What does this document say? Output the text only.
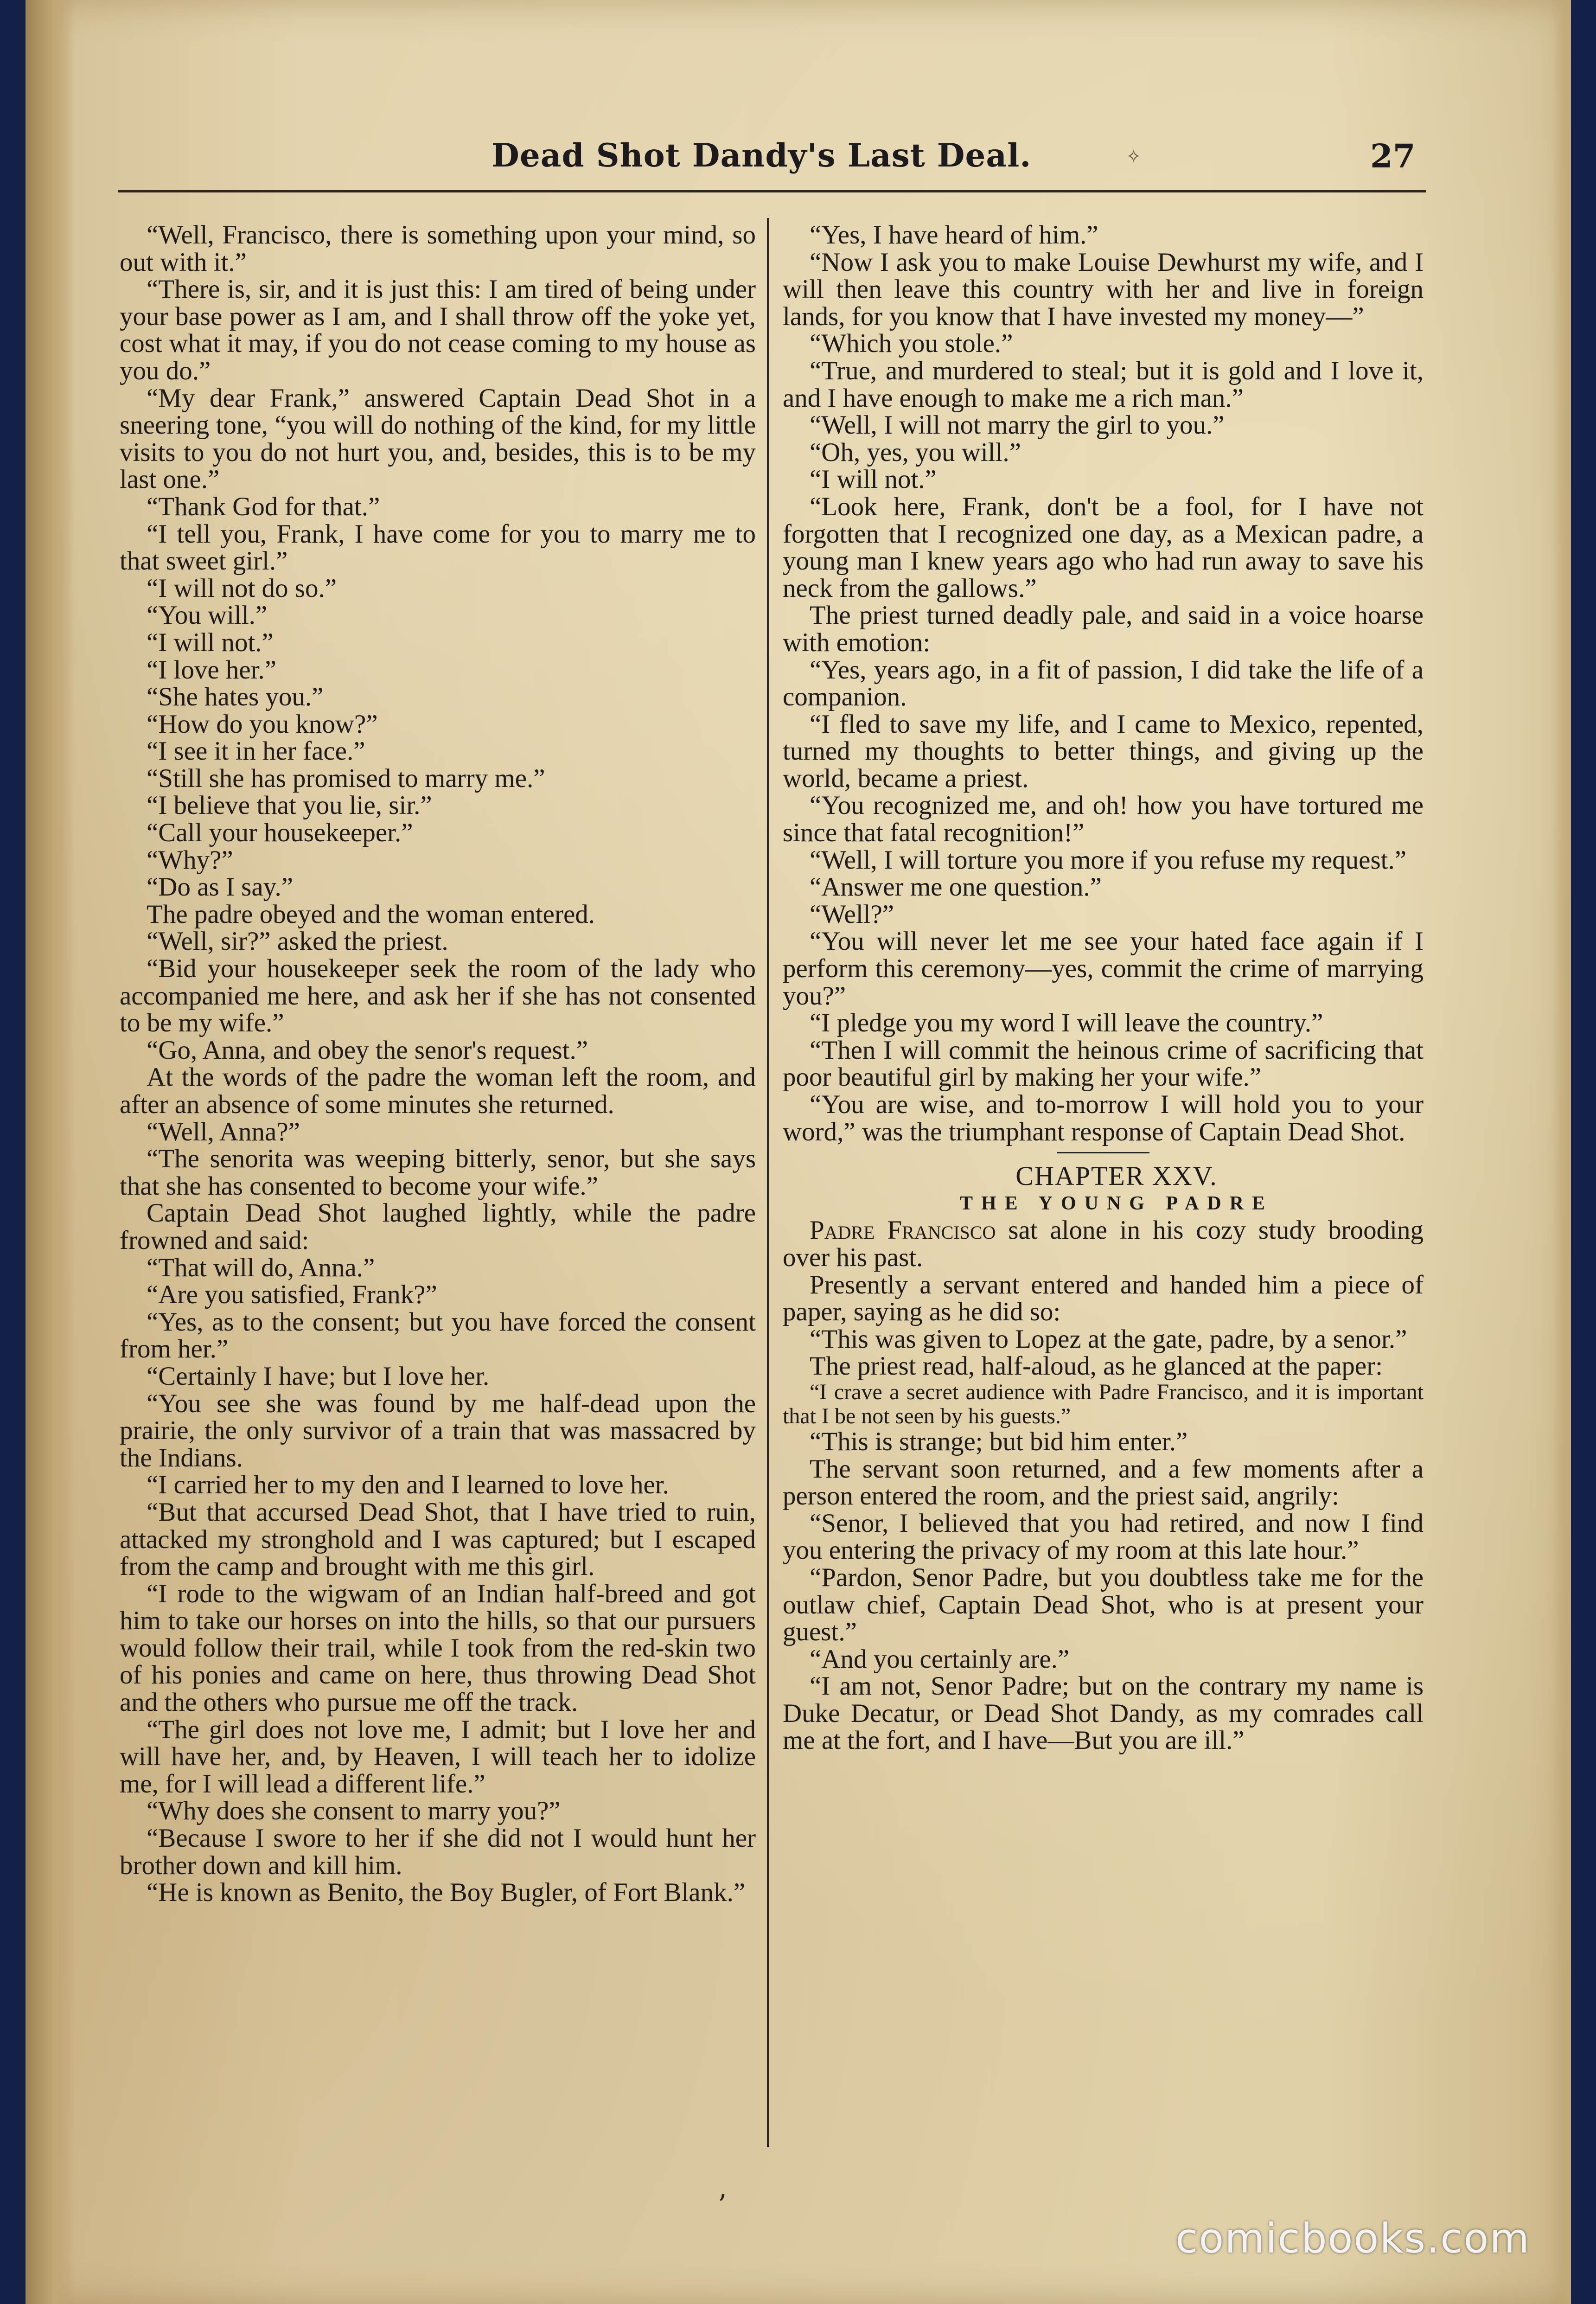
Dead Shot Dandy's Last Deal.	✧	27

“Well, Francisco, there is something upon your mind, so out with it.”

“There is, sir, and it is just this: I am tired of being under your base power as I am, and I shall throw off the yoke yet, cost what it may, if you do not cease coming to my house as you do.”

“My dear Frank,” answered Captain Dead Shot in a sneering tone, “you will do nothing of the kind, for my little visits to you do not hurt you, and, besides, this is to be my last one.”

“Thank God for that.”

“I tell you, Frank, I have come for you to marry me to that sweet girl.”

“I will not do so.”

“You will.”

“I will not.”

“I love her.”

“She hates you.”

“How do you know?”

“I see it in her face.”

“Still she has promised to marry me.”

“I believe that you lie, sir.”

“Call your housekeeper.”

“Why?”

“Do as I say.”

The padre obeyed and the woman entered.

“Well, sir?” asked the priest.

“Bid your housekeeper seek the room of the lady who accompanied me here, and ask her if she has not consented to be my wife.”

“Go, Anna, and obey the senor's request.”

At the words of the padre the woman left the room, and after an absence of some minutes she returned.

“Well, Anna?”

“The senorita was weeping bitterly, senor, but she says that she has consented to become your wife.”

Captain Dead Shot laughed lightly, while the padre frowned and said:

“That will do, Anna.”

“Are you satisfied, Frank?”

“Yes, as to the consent; but you have forced the consent from her.”

“Certainly I have; but I love her.

“You see she was found by me half-dead upon the prairie, the only survivor of a train that was massacred by the Indians.

“I carried her to my den and I learned to love her.

“But that accursed Dead Shot, that I have tried to ruin, attacked my stronghold and I was captured; but I escaped from the camp and brought with me this girl.

“I rode to the wigwam of an Indian half-breed and got him to take our horses on into the hills, so that our pursuers would follow their trail, while I took from the red-skin two of his ponies and came on here, thus throwing Dead Shot and the others who pursue me off the track.

“The girl does not love me, I admit; but I love her and will have her, and, by Heaven, I will teach her to idolize me, for I will lead a different life.”

“Why does she consent to marry you?”

“Because I swore to her if she did not I would hunt her brother down and kill him.

“He is known as Benito, the Boy Bugler, of Fort Blank.”

“Yes, I have heard of him.”

“Now I ask you to make Louise Dewhurst my wife, and I will then leave this country with her and live in foreign lands, for you know that I have invested my money—”

“Which you stole.”

“True, and murdered to steal; but it is gold and I love it, and I have enough to make me a rich man.”

“Well, I will not marry the girl to you.”

“Oh, yes, you will.”

“I will not.”

“Look here, Frank, don't be a fool, for I have not forgotten that I recognized one day, as a Mexican padre, a young man I knew years ago who had run away to save his neck from the gallows.”

The priest turned deadly pale, and said in a voice hoarse with emotion:

“Yes, years ago, in a fit of passion, I did take the life of a companion.

“I fled to save my life, and I came to Mexico, repented, turned my thoughts to better things, and giving up the world, became a priest.

“You recognized me, and oh! how you have tortured me since that fatal recognition!”

“Well, I will torture you more if you refuse my request.”

“Answer me one question.”

“Well?”

“You will never let me see your hated face again if I perform this ceremony—yes, commit the crime of marrying you?”

“I pledge you my word I will leave the country.”

“Then I will commit the heinous crime of sacrificing that poor beautiful girl by making her your wife.”

“You are wise, and to-morrow I will hold you to your word,” was the triumphant response of Captain Dead Shot.

CHAPTER XXV.

THE YOUNG PADRE

Padre Francisco sat alone in his cozy study brooding over his past.

Presently a servant entered and handed him a piece of paper, saying as he did so:

“This was given to Lopez at the gate, padre, by a senor.”

The priest read, half-aloud, as he glanced at the paper:

“I crave a secret audience with Padre Francisco, and it is important that I be not seen by his guests.”

“This is strange; but bid him enter.”

The servant soon returned, and a few moments after a person entered the room, and the priest said, angrily:

“Senor, I believed that you had retired, and now I find you entering the privacy of my room at this late hour.”

“Pardon, Senor Padre, but you doubtless take me for the outlaw chief, Captain Dead Shot, who is at present your guest.”

“And you certainly are.”

“I am not, Senor Padre; but on the contrary my name is Duke Decatur, or Dead Shot Dandy, as my comrades call me at the fort, and I have—But you are ill.”

’
comicbooks.com
